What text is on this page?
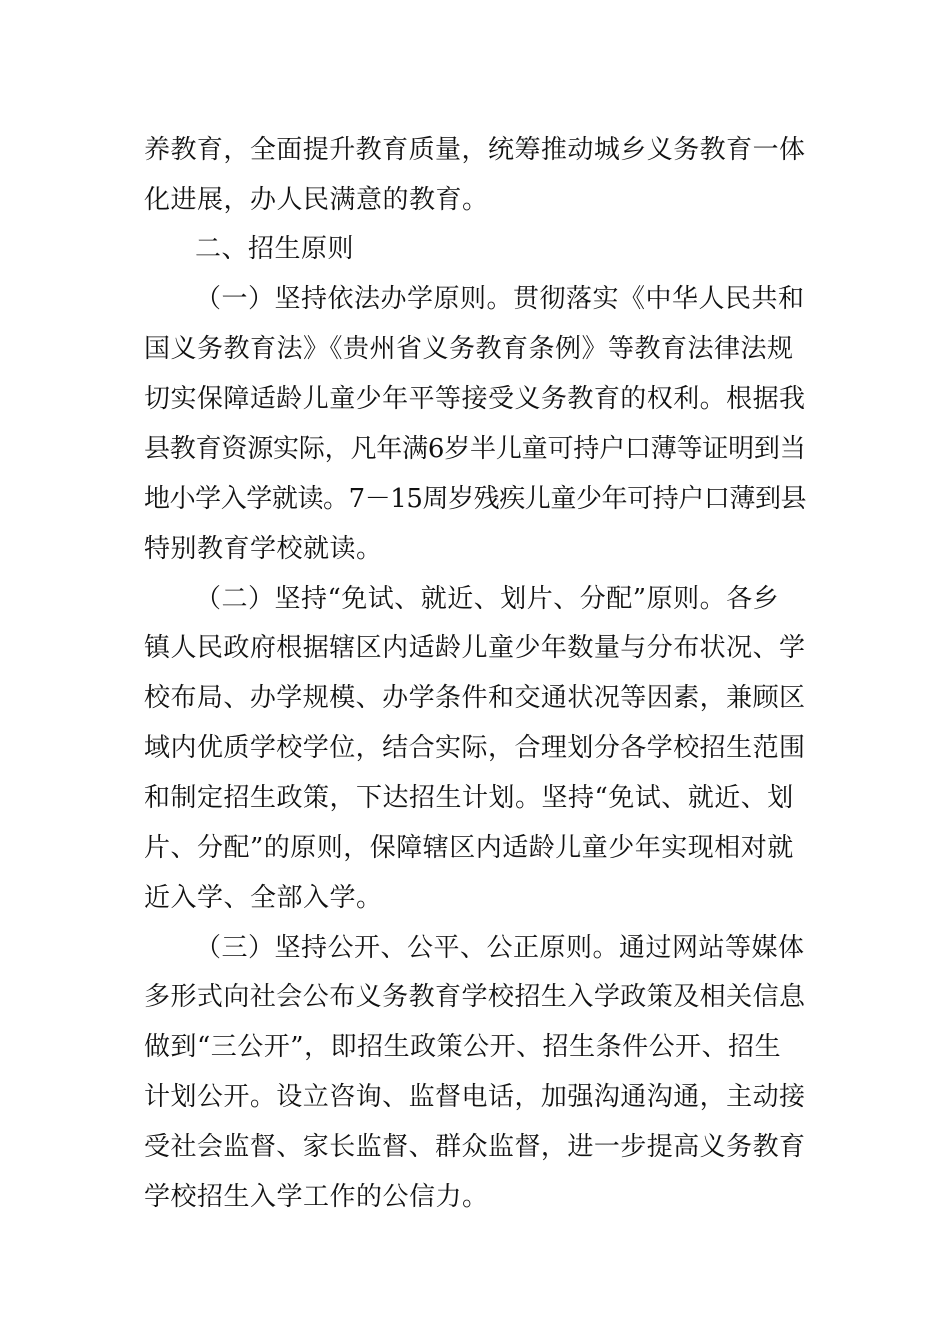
养教育，全面提升教育质量，统筹推动城乡义务教育一体
化进展，办人民满意的教育。
二、招生原则
（一）坚持依法办学原则。贯彻落实《中华人民共和
国义务教育法》《贵州省义务教育条例》等教育法律法规
切实保障适龄儿童少年平等接受义务教育的权利。根据我
县教育资源实际，凡年满6岁半儿童可持户口薄等证明到当
地小学入学就读。7－15周岁残疾儿童少年可持户口薄到县
特别教育学校就读。
（二）坚持“免试、就近、划片、分配”原则。各乡
镇人民政府根据辖区内适龄儿童少年数量与分布状况、学
校布局、办学规模、办学条件和交通状况等因素，兼顾区
域内优质学校学位，结合实际，合理划分各学校招生范围
和制定招生政策，下达招生计划。坚持“免试、就近、划
片、分配”的原则，保障辖区内适龄儿童少年实现相对就
近入学、全部入学。
（三）坚持公开、公平、公正原则。通过网站等媒体
多形式向社会公布义务教育学校招生入学政策及相关信息
做到“三公开”，即招生政策公开、招生条件公开、招生
计划公开。设立咨询、监督电话，加强沟通沟通，主动接
受社会监督、家长监督、群众监督，进一步提高义务教育
学校招生入学工作的公信力。
